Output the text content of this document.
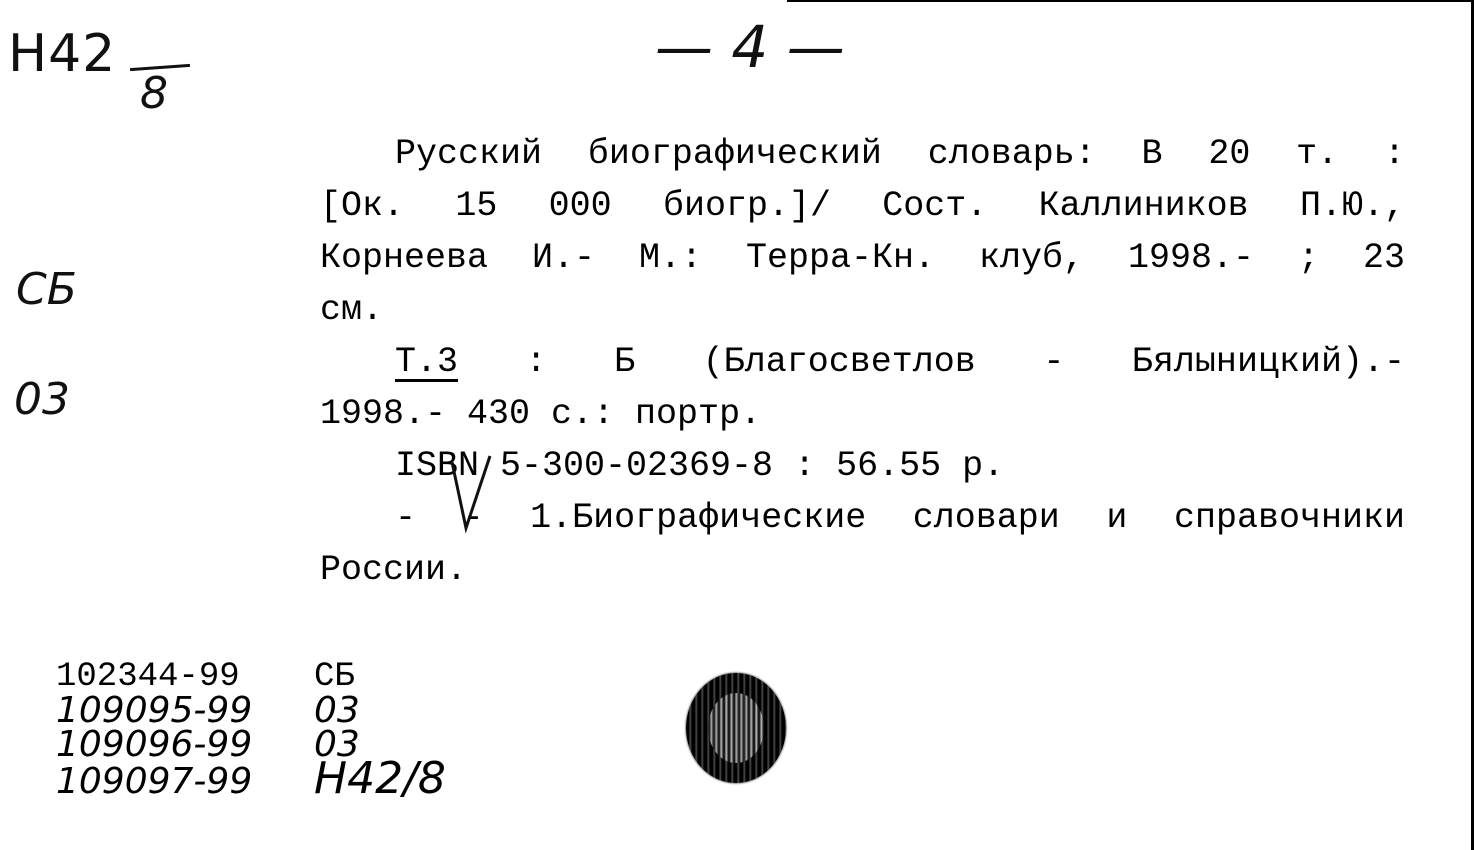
Н42
8
СБ
03
— 4 —
Русский биографический словарь: В 20 т. :
[Ок. 15 000 биогр.]/ Сост. Каллиников П.Ю.,
Корнеева И.- М.: Терра-Кн. клуб, 1998.- ; 23
см.
Т.3 : Б (Благосветлов - Бялыницкий).-
1998.- 430 с.: портр.
ISBN 5-300-02369-8 : 56.55 р.
- - 1.Биографические словари и справочники
России.
102344-99 СБ
109095-99 03
109096-99 03
109097-99 Н42/8
